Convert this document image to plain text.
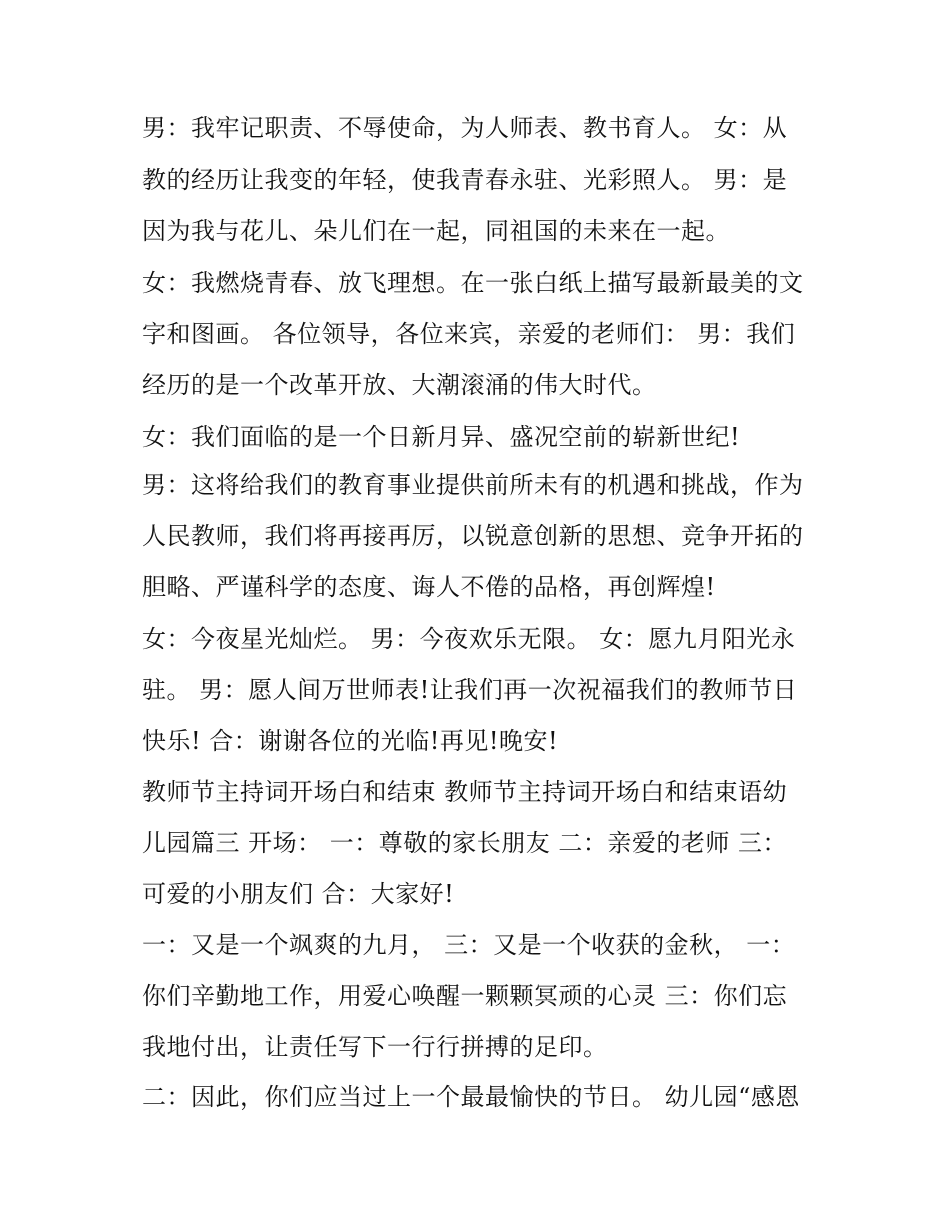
男：我牢记职责、不辱使命，为人师表、教书育人。 女：从
教的经历让我变的年轻，使我青春永驻、光彩照人。 男：是
因为我与花儿、朵儿们在一起，同祖国的未来在一起。
女：我燃烧青春、放飞理想。在一张白纸上描写最新最美的文
字和图画。 各位领导，各位来宾，亲爱的老师们： 男：我们
经历的是一个改革开放、大潮滚涌的伟大时代。
女：我们面临的是一个日新月异、盛况空前的崭新世纪!
男：这将给我们的教育事业提供前所未有的机遇和挑战，作为
人民教师，我们将再接再厉，以锐意创新的思想、竞争开拓的
胆略、严谨科学的态度、诲人不倦的品格，再创辉煌!
女：今夜星光灿烂。 男：今夜欢乐无限。 女：愿九月阳光永
驻。 男：愿人间万世师表!让我们再一次祝福我们的教师节日
快乐! 合：谢谢各位的光临!再见!晚安!
教师节主持词开场白和结束 教师节主持词开场白和结束语幼
儿园篇三 开场： 一：尊敬的家长朋友 二：亲爱的老师 三：
可爱的小朋友们 合：大家好!
一：又是一个飒爽的九月， 三：又是一个收获的金秋， 一：
你们辛勤地工作，用爱心唤醒一颗颗冥顽的心灵 三：你们忘
我地付出，让责任写下一行行拼搏的足印。
二：因此，你们应当过上一个最最愉快的节日。 幼儿园“感恩
